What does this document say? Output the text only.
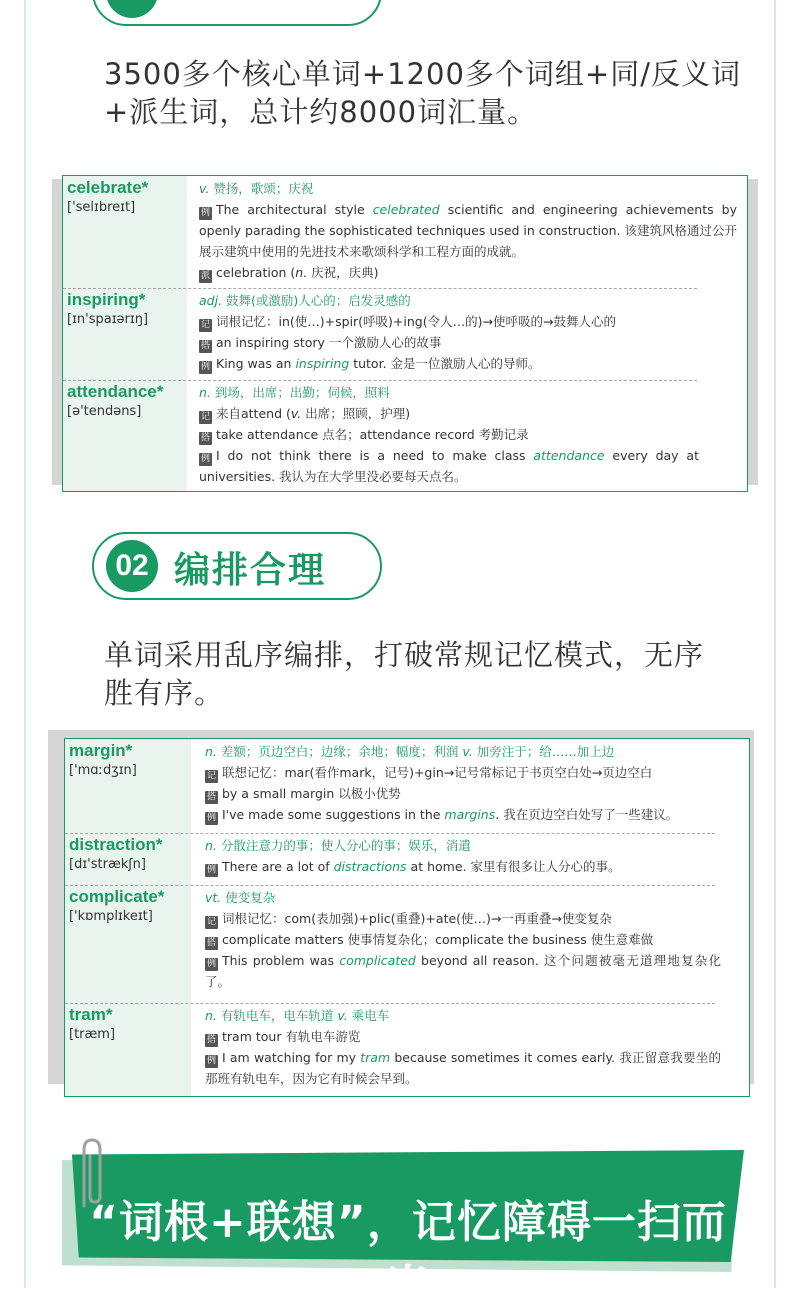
3500多个核心单词+1200多个词组+同/反义词
+派生词，总计约8000词汇量。
celebrate*
['selɪbreɪt]
v. 赞扬，歌颂；庆祝
例 The architectural style celebrated scientific and engineering achievements by openly parading the sophisticated techniques used in construction. 该建筑风格通过公开展示建筑中使用的先进技术来歌颂科学和工程方面的成就。
派 celebration (n. 庆祝，庆典)
inspiring*
[ɪn'spaɪərɪŋ]
adj. 鼓舞(或激励)人心的；启发灵感的
记 词根记忆：in(使…)+spir(呼吸)+ing(令人…的)→使呼吸的→鼓舞人心的
搭 an inspiring story 一个激励人心的故事
例 King was an inspiring tutor. 金是一位激励人心的导师。
attendance*
[ə'tendəns]
n. 到场，出席；出勤；伺候，照料
记 来自attend (v. 出席；照顾，护理)
搭 take attendance 点名；attendance record 考勤记录
例 I do not think there is a need to make class attendance every day at universities. 我认为在大学里没必要每天点名。
02 编排合理
单词采用乱序编排，打破常规记忆模式，无序
胜有序。
margin*
['mɑːdʒɪn]
n. 差额；页边空白；边缘；余地；幅度；利润 v. 加旁注于；给……加上边
记 联想记忆：mar(看作mark，记号)+gin→记号常标记于书页空白处→页边空白
搭 by a small margin 以极小优势
例 I've made some suggestions in the margins. 我在页边空白处写了一些建议。
distraction*
[dɪ'strækʃn]
n. 分散注意力的事；使人分心的事；娱乐，消遣
例 There are a lot of distractions at home. 家里有很多让人分心的事。
complicate*
['kɒmplɪkeɪt]
vt. 使变复杂
记 词根记忆：com(表加强)+plic(重叠)+ate(使…)→一再重叠→使变复杂
搭 complicate matters 使事情复杂化；complicate the business 使生意难做
例 This problem was complicated beyond all reason. 这个问题被毫无道理地复杂化了。
tram*
[træm]
n. 有轨电车，电车轨道 v. 乘电车
搭 tram tour 有轨电车游览
例 I am watching for my tram because sometimes it comes early. 我正留意我要坐的那班有轨电车，因为它有时候会早到。
“词根+联想”，记忆障碍一扫而光
